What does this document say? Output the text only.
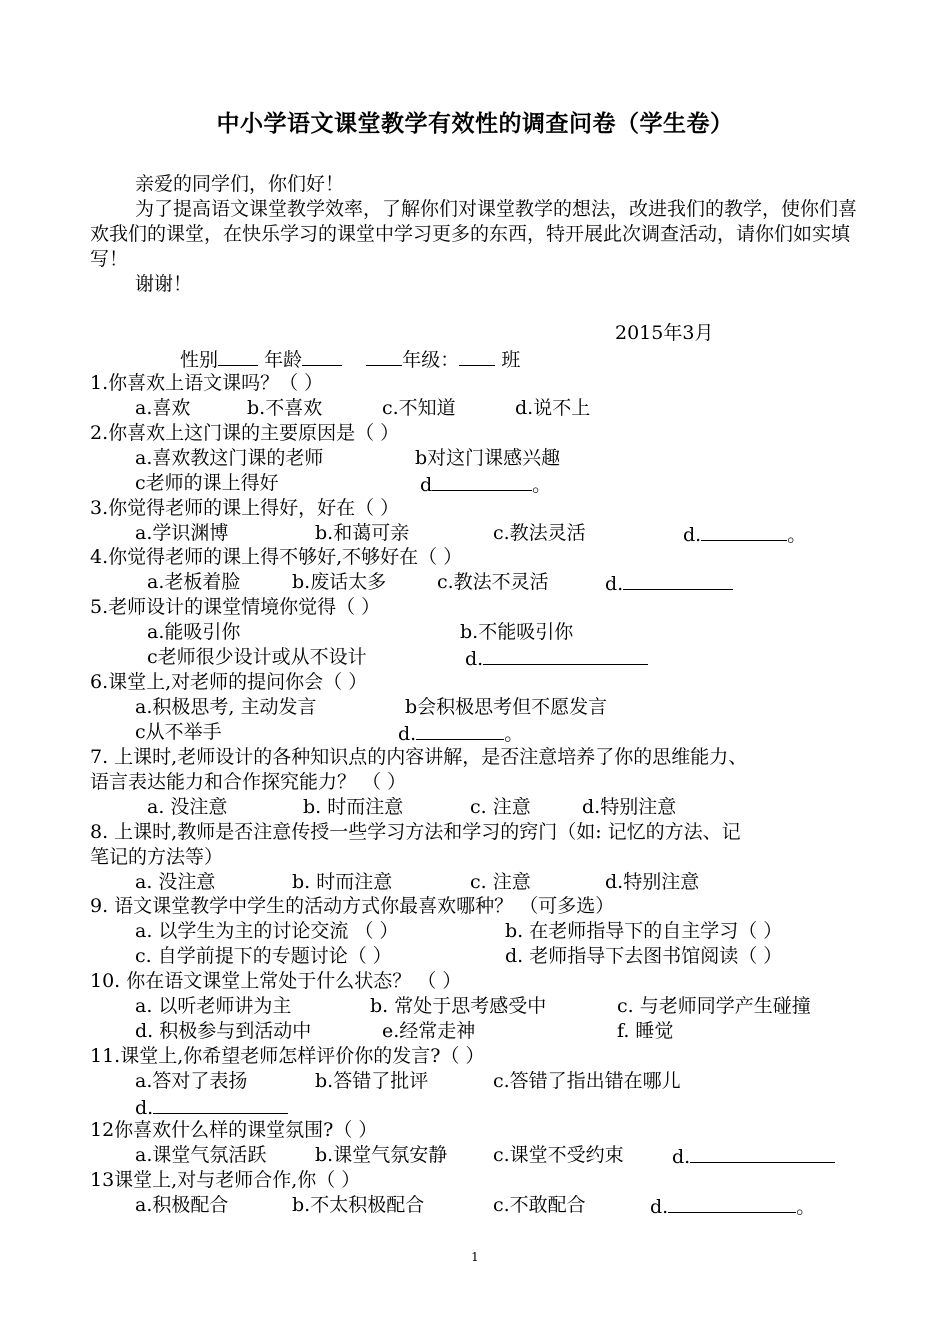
中小学语文课堂教学有效性的调查问卷（学生卷）
亲爱的同学们，你们好！
为了提高语文课堂教学效率，了解你们对课堂教学的想法，改进我们的教学，使你们喜欢我们的课堂，在快乐学习的课堂中学习更多的东西，特开展此次调查活动，请你们如实填写！
谢谢！
2015年3月
性别 年龄	年级： 班
1.你喜欢上语文课吗？（ ）
a.喜欢	b.不喜欢	c.不知道	d.说不上
2.你喜欢上这门课的主要原因是（ ）
a.喜欢教这门课的老师	b对这门课感兴趣
c老师的课上得好	d	。
3.你觉得老师的课上得好，好在（ ）
a.学识渊博	b.和蔼可亲	c.教法灵活	d.	。
4.你觉得老师的课上得不够好,不够好在（ ）
a.老板着脸	b.废话太多	c.教法不灵活	d.
5.老师设计的课堂情境你觉得（ ）
a.能吸引你	b.不能吸引你
c老师很少设计或从不设计	d.
6.课堂上,对老师的提问你会（ ）
a.积极思考, 主动发言	b会积极思考但不愿发言
c从不举手	d.	。
7. 上课时,老师设计的各种知识点的内容讲解，是否注意培养了你的思维能力、
语言表达能力和合作探究能力？ （ ）
a. 没注意	b. 时而注意	c. 注意	d.特别注意
8. 上课时,教师是否注意传授一些学习方法和学习的窍门（如: 记忆的方法、记
笔记的方法等）
a. 没注意	b. 时而注意	c. 注意	d.特别注意
9. 语文课堂教学中学生的活动方式你最喜欢哪种？ （可多选）
a. 以学生为主的讨论交流 （ ）	b. 在老师指导下的自主学习（ ）
c. 自学前提下的专题讨论（ ）	d. 老师指导下去图书馆阅读（ ）
10. 你在语文课堂上常处于什么状态？ （ ）
a. 以听老师讲为主	b. 常处于思考感受中	c. 与老师同学产生碰撞
d. 积极参与到活动中	e.经常走神	f. 睡觉
11.课堂上,你希望老师怎样评价你的发言?（ ）
a.答对了表扬	b.答错了批评	c.答错了指出错在哪儿
d.
12你喜欢什么样的课堂氛围?（ ）
a.课堂气氛活跃	b.课堂气氛安静 c.课堂不受约束	d.
13课堂上,对与老师合作,你（ ）
a.积极配合	b.不太积极配合	c.不敢配合	d.	。
1
